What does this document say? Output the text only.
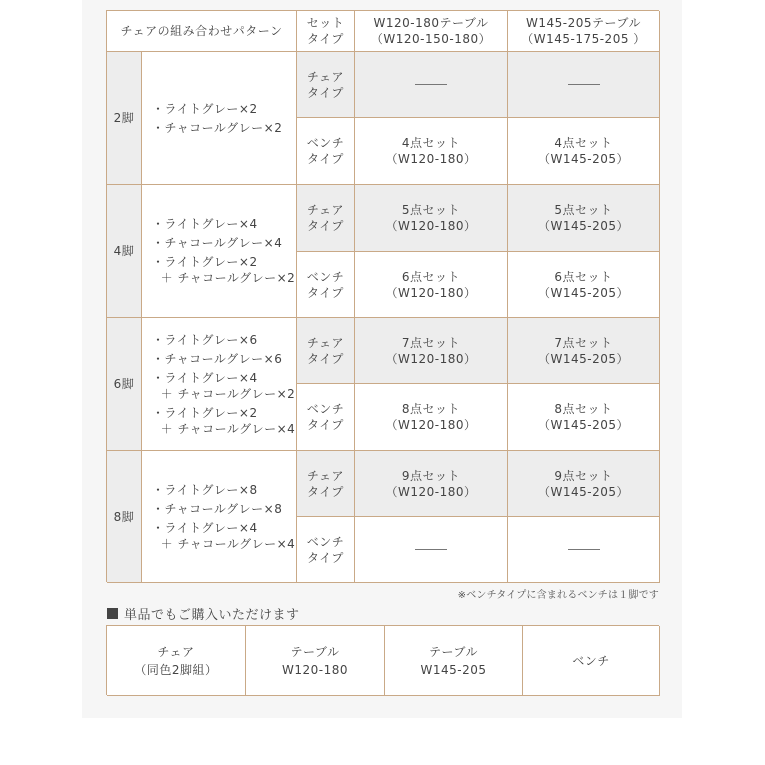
チェアの組み合わせパターン
セット
タイプ
W120-180テーブル
（W120-150-180）
W145-205テーブル
（W145-175-205 ）
2脚
・ライトグレー×2
・チャコールグレー×2
チェア
タイプ
ベンチ
タイプ
4点セット
（W120-180）
4点セット
（W145-205）
4脚
・ライトグレー×4
・チャコールグレー×4
・ライトグレー×2
＋ チャコールグレー×2
チェア
タイプ
5点セット
（W120-180）
5点セット
（W145-205）
ベンチ
タイプ
6点セット
（W120-180）
6点セット
（W145-205）
6脚
・ライトグレー×6
・チャコールグレー×6
・ライトグレー×4
＋ チャコールグレー×2
・ライトグレー×2
＋ チャコールグレー×4
チェア
タイプ
7点セット
（W120-180）
7点セット
（W145-205）
ベンチ
タイプ
8点セット
（W120-180）
8点セット
（W145-205）
8脚
・ライトグレー×8
・チャコールグレー×8
・ライトグレー×4
＋ チャコールグレー×4
チェア
タイプ
9点セット
（W120-180）
9点セット
（W145-205）
ベンチ
タイプ
※ベンチタイプに含まれるベンチは１脚です
単品でもご購入いただけます
チェア
（同色2脚組）
テーブル
W120-180
テーブル
W145-205
ベンチ
